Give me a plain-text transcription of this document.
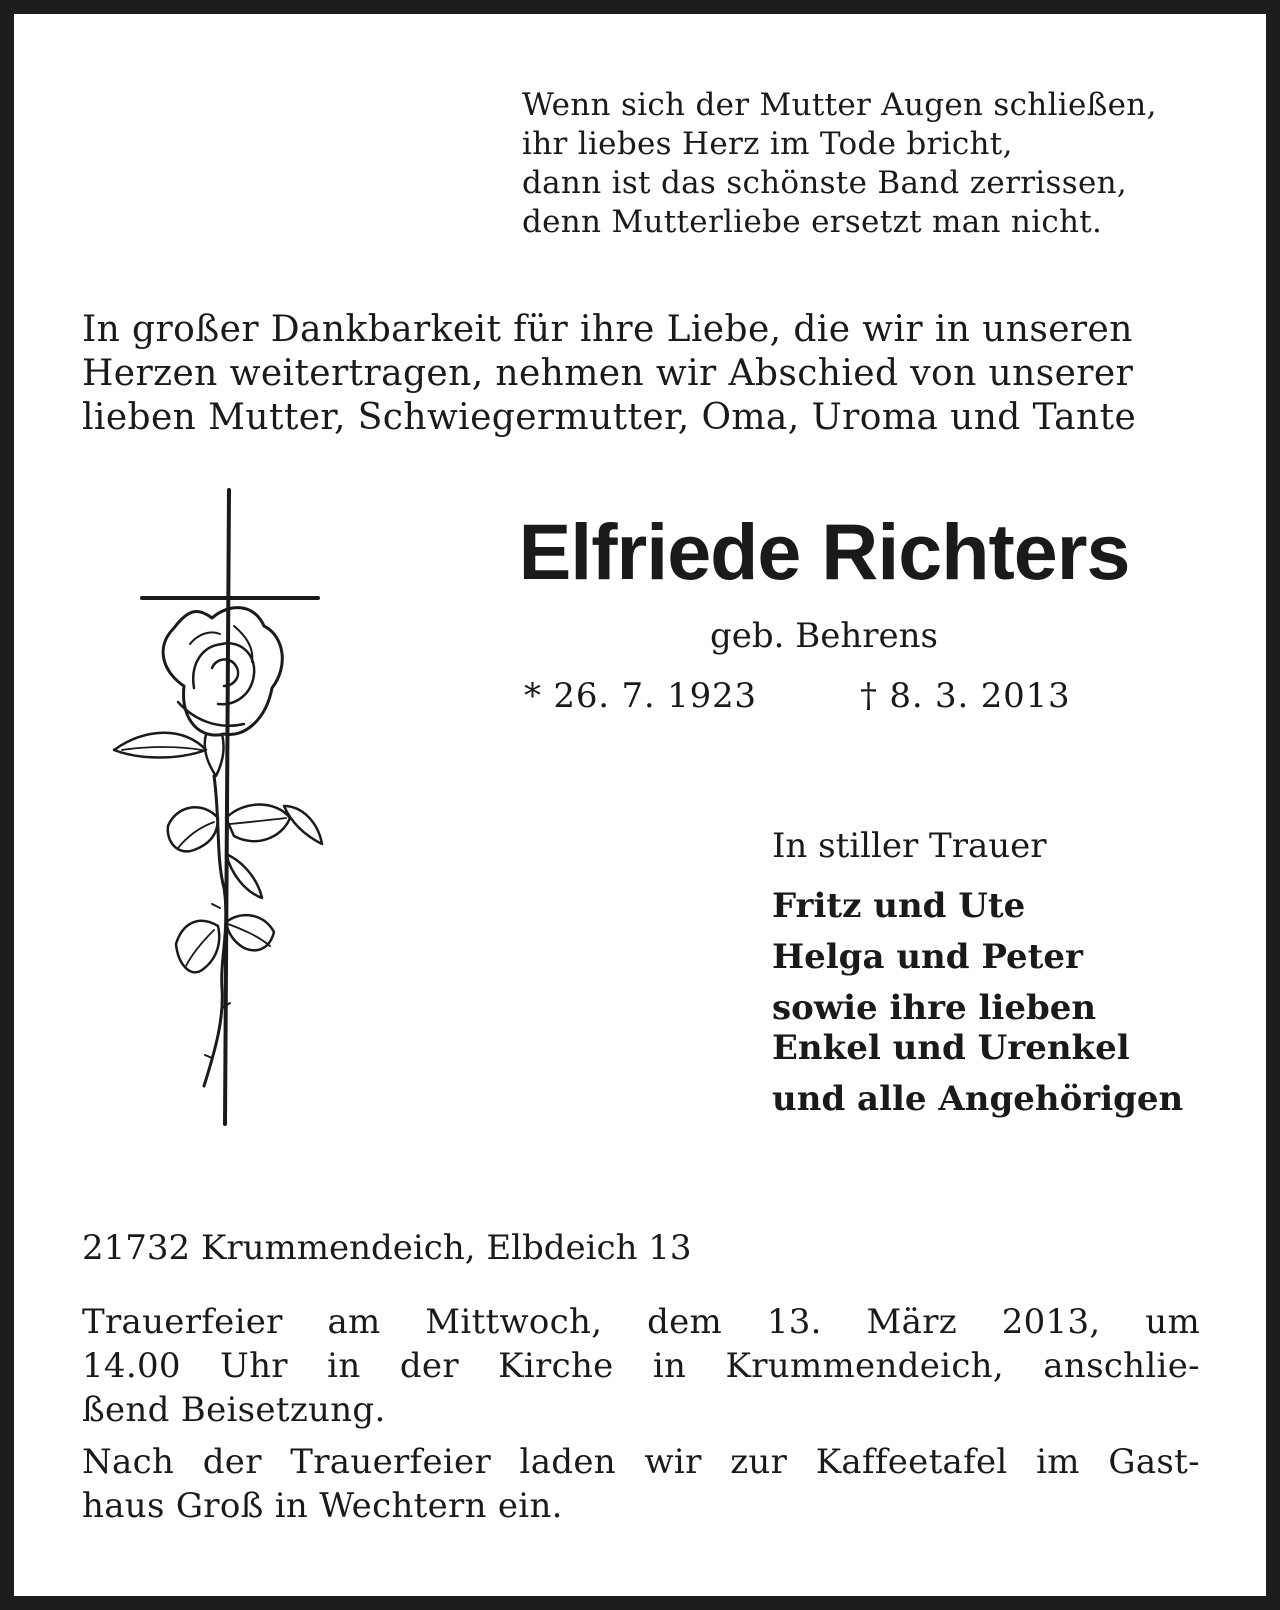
Wenn sich der Mutter Augen schließen,
ihr liebes Herz im Tode bricht,
dann ist das schönste Band zerrissen,
denn Mutterliebe ersetzt man nicht.
In großer Dankbarkeit für ihre Liebe, die wir in unseren
Herzen weitertragen, nehmen wir Abschied von unserer
lieben Mutter, Schwiegermutter, Oma, Uroma und Tante
Elfriede Richters
geb. Behrens
* 26. 7. 1923	† 8. 3. 2013
In stiller Trauer
Fritz und Ute
Helga und Peter
sowie ihre lieben
Enkel und Urenkel
und alle Angehörigen
21732 Krummendeich, Elbdeich 13
Trauerfeier am Mittwoch, dem 13. März 2013, um
14.00 Uhr in der Kirche in Krummendeich, anschlie-
ßend Beisetzung.
Nach der Trauerfeier laden wir zur Kaffeetafel im Gast-
haus Groß in Wechtern ein.
